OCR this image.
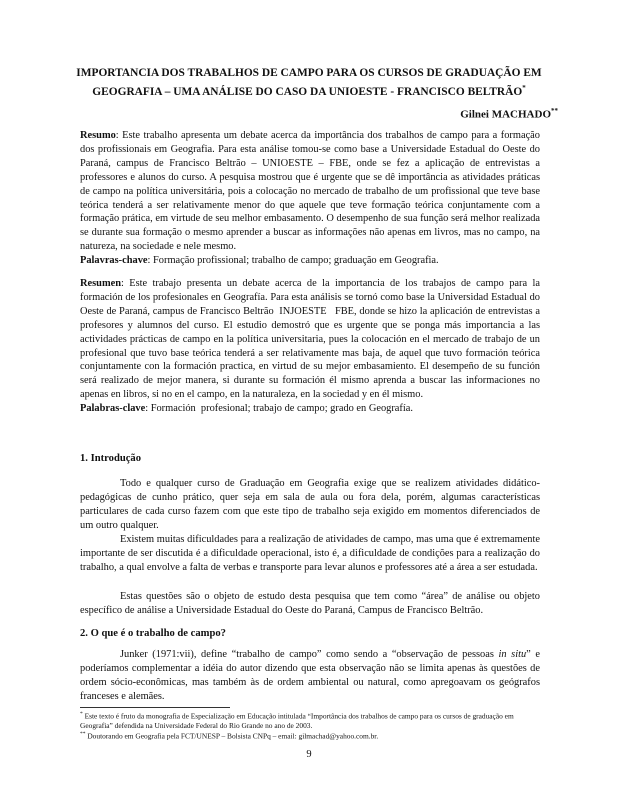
IMPORTANCIA DOS TRABALHOS DE CAMPO PARA OS CURSOS DE GRADUAÇÃO EM GEOGRAFIA – UMA ANÁLISE DO CASO DA UNIOESTE - FRANCISCO BELTRÃO*
Gilnei MACHADO**
Resumo: Este trabalho apresenta um debate acerca da importância dos trabalhos de campo para a formação dos profissionais em Geografia. Para esta análise tomou-se como base a Universidade Estadual do Oeste do Paraná, campus de Francisco Beltrão – UNIOESTE – FBE, onde se fez a aplicação de entrevistas a professores e alunos do curso. A pesquisa mostrou que é urgente que se dê importância as atividades práticas de campo na política universitária, pois a colocação no mercado de trabalho de um profissional que teve base teórica tenderá a ser relativamente menor do que aquele que teve formação teórica conjuntamente com a formação prática, em virtude de seu melhor embasamento. O desempenho de sua função será melhor realizada se durante sua formação o mesmo aprender a buscar as informações não apenas em livros, mas no campo, na natureza, na sociedade e nele mesmo.
Palavras-chave: Formação profissional; trabalho de campo; graduação em Geografia.
Resumen: Este trabajo presenta un debate acerca de la importancia de los trabajos de campo para la formación de los profesionales en Geografía. Para esta análisis se tornó como base la Universidad Estadual do Oeste de Paraná, campus de Francisco Beltrão  INJOESTE   FBE, donde se hizo la aplicación de entrevistas a profesores y alumnos del curso. El estudio demostró que es urgente que se ponga más importancia a las actividades prácticas de campo en la política universitaria, pues la colocación en el mercado de trabajo de un profesional que tuvo base teórica tenderá a ser relativamente mas baja, de aquel que tuvo formación teórica conjuntamente con la formación practica, en virtud de su mejor embasamiento. El desempeño de su función será realizado de mejor manera, si durante su formación él mismo aprenda a buscar las informaciones no apenas en libros, si no en el campo, en la naturaleza, en la sociedad y en él mismo.
Palabras-clave: Formación  profesional; trabajo de campo; grado en Geografía.
1. Introdução
Todo e qualquer curso de Graduação em Geografia exige que se realizem atividades didático-pedagógicas de cunho prático, quer seja em sala de aula ou fora dela, porém, algumas características particulares de cada curso fazem com que este tipo de trabalho seja exigido em momentos diferenciados de um outro qualquer.
Existem muitas dificuldades para a realização de atividades de campo, mas uma que é extremamente importante de ser discutida é a dificuldade operacional, isto é, a dificuldade de condições para a realização do trabalho, a qual envolve a falta de verbas e transporte para levar alunos e professores até a área a ser estudada.
Estas questões são o objeto de estudo desta pesquisa que tem como “área” de análise ou objeto específico de análise a Universidade Estadual do Oeste do Paraná, Campus de Francisco Beltrão.
2. O que é o trabalho de campo?
Junker (1971:vii), define “trabalho de campo” como sendo a “observação de pessoas in situ” e poderíamos complementar a idéia do autor dizendo que esta observação não se limita apenas às questões de ordem sócio-econômicas, mas também às de ordem ambiental ou natural, como apregoavam os geógrafos franceses e alemães.
* Este texto é fruto da monografia de Especialização em Educação intitulada “Importância dos trabalhos de campo para os cursos de graduação em Geografia” defendida na Universidade Federal do Rio Grande no ano de 2003.
** Doutorando em Geografia pela FCT/UNESP – Bolsista CNPq – email: gilmachad@yahoo.com.br.
9
